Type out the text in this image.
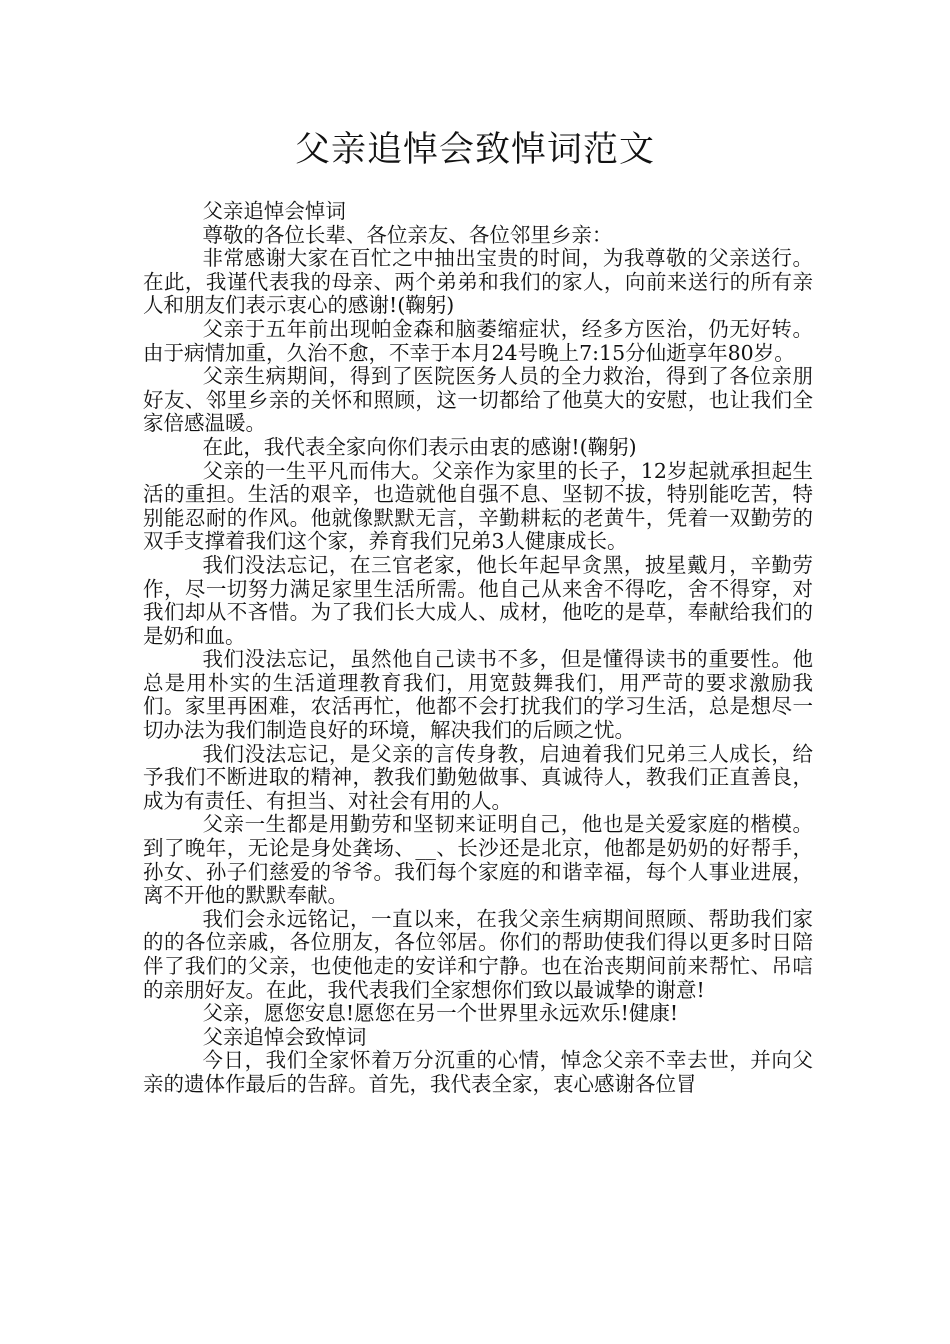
父亲追悼会致悼词范文

父亲追悼会悼词

尊敬的各位长辈、各位亲友、各位邻里乡亲：

非常感谢大家在百忙之中抽出宝贵的时间，为我尊敬的父亲送行。在此，我谨代表我的母亲、两个弟弟和我们的家人，向前来送行的所有亲人和朋友们表示衷心的感谢!(鞠躬)

父亲于五年前出现帕金森和脑萎缩症状，经多方医治，仍无好转。由于病情加重，久治不愈，不幸于本月24号晚上7:15分仙逝享年80岁。

父亲生病期间，得到了医院医务人员的全力救治，得到了各位亲朋好友、邻里乡亲的关怀和照顾，这一切都给了他莫大的安慰，也让我们全家倍感温暖。

在此，我代表全家向你们表示由衷的感谢!(鞠躬)

父亲的一生平凡而伟大。父亲作为家里的长子，12岁起就承担起生活的重担。生活的艰辛，也造就他自强不息、坚韧不拔，特别能吃苦，特别能忍耐的作风。他就像默默无言，辛勤耕耘的老黄牛，凭着一双勤劳的双手支撑着我们这个家，养育我们兄弟3人健康成长。

我们没法忘记，在三官老家，他长年起早贪黑，披星戴月，辛勤劳作，尽一切努力满足家里生活所需。他自己从来舍不得吃，舍不得穿，对我们却从不吝惜。为了我们长大成人、成材，他吃的是草，奉献给我们的是奶和血。

我们没法忘记，虽然他自己读书不多，但是懂得读书的重要性。他总是用朴实的生活道理教育我们，用宽鼓舞我们，用严苛的要求激励我们。家里再困难，农活再忙，他都不会打扰我们的学习生活，总是想尽一切办法为我们制造良好的环境，解决我们的后顾之忧。

我们没法忘记，是父亲的言传身教，启迪着我们兄弟三人成长，给予我们不断进取的精神，教我们勤勉做事、真诚待人，教我们正直善良，成为有责任、有担当、对社会有用的人。

父亲一生都是用勤劳和坚韧来证明自己，他也是关爱家庭的楷模。到了晚年，无论是身处龚场、__、长沙还是北京，他都是奶奶的好帮手，孙女、孙子们慈爱的爷爷。我们每个家庭的和谐幸福，每个人事业进展，离不开他的默默奉献。

我们会永远铭记，一直以来，在我父亲生病期间照顾、帮助我们家的的各位亲戚，各位朋友，各位邻居。你们的帮助使我们得以更多时日陪伴了我们的父亲，也使他走的安详和宁静。也在治丧期间前来帮忙、吊唁的亲朋好友。在此，我代表我们全家想你们致以最诚挚的谢意!

父亲，愿您安息!愿您在另一个世界里永远欢乐!健康!

父亲追悼会致悼词

今日，我们全家怀着万分沉重的心情，悼念父亲不幸去世，并向父亲的遗体作最后的告辞。首先，我代表全家，衷心感谢各位冒
